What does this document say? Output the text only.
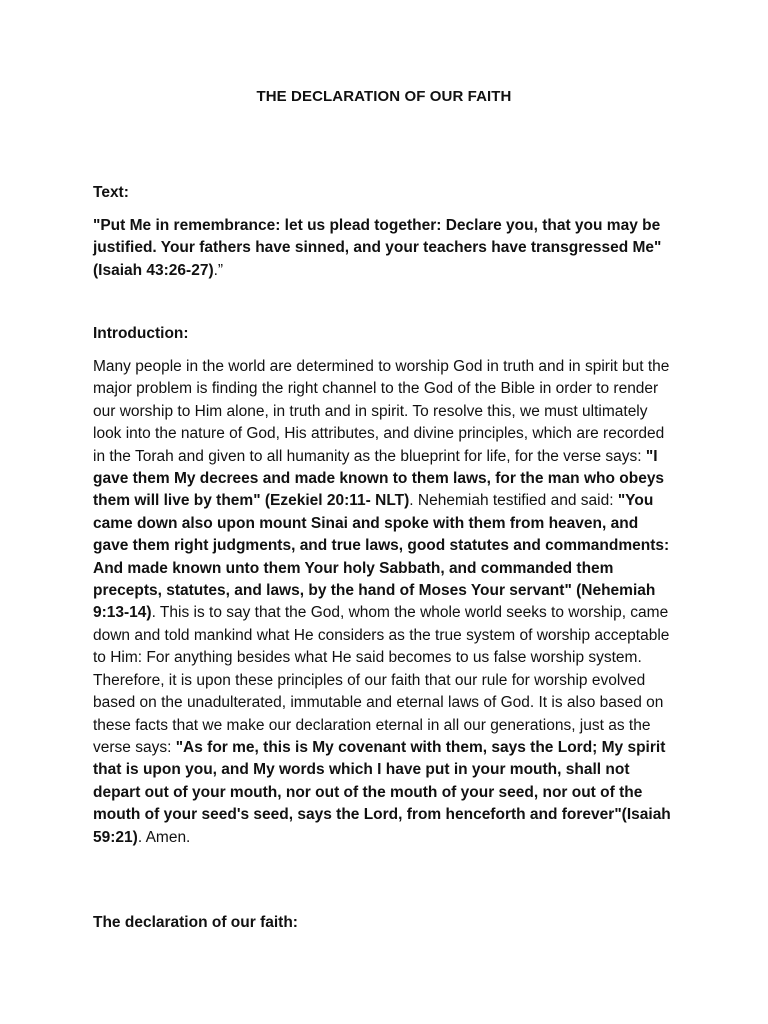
THE DECLARATION OF OUR FAITH
Text:
"Put Me in remembrance: let us plead together: Declare you, that you may be justified. Your fathers have sinned, and your teachers have transgressed Me" (Isaiah 43:26-27).”
Introduction:
Many people in the world are determined to worship God in truth and in spirit but the major problem is finding the right channel to the God of the Bible in order to render our worship to Him alone, in truth and in spirit. To resolve this, we must ultimately look into the nature of God, His attributes, and divine principles, which are recorded in the Torah and given to all humanity as the blueprint for life, for the verse says: "I gave them My decrees and made known to them laws, for the man who obeys them will live by them" (Ezekiel 20:11- NLT). Nehemiah testified and said: "You came down also upon mount Sinai and spoke with them from heaven, and gave them right judgments, and true laws, good statutes and commandments: And made known unto them Your holy Sabbath, and commanded them precepts, statutes, and laws, by the hand of Moses Your servant" (Nehemiah 9:13-14). This is to say that the God, whom the whole world seeks to worship, came down and told mankind what He considers as the true system of worship acceptable to Him: For anything besides what He said becomes to us false worship system. Therefore, it is upon these principles of our faith that our rule for worship evolved based on the unadulterated, immutable and eternal laws of God. It is also based on these facts that we make our declaration eternal in all our generations, just as the verse says: "As for me, this is My covenant with them, says the Lord; My spirit that is upon you, and My words which I have put in your mouth, shall not depart out of your mouth, nor out of the mouth of your seed, nor out of the mouth of your seed's seed, says the Lord, from henceforth and forever"(Isaiah 59:21). Amen.
The declaration of our faith:
